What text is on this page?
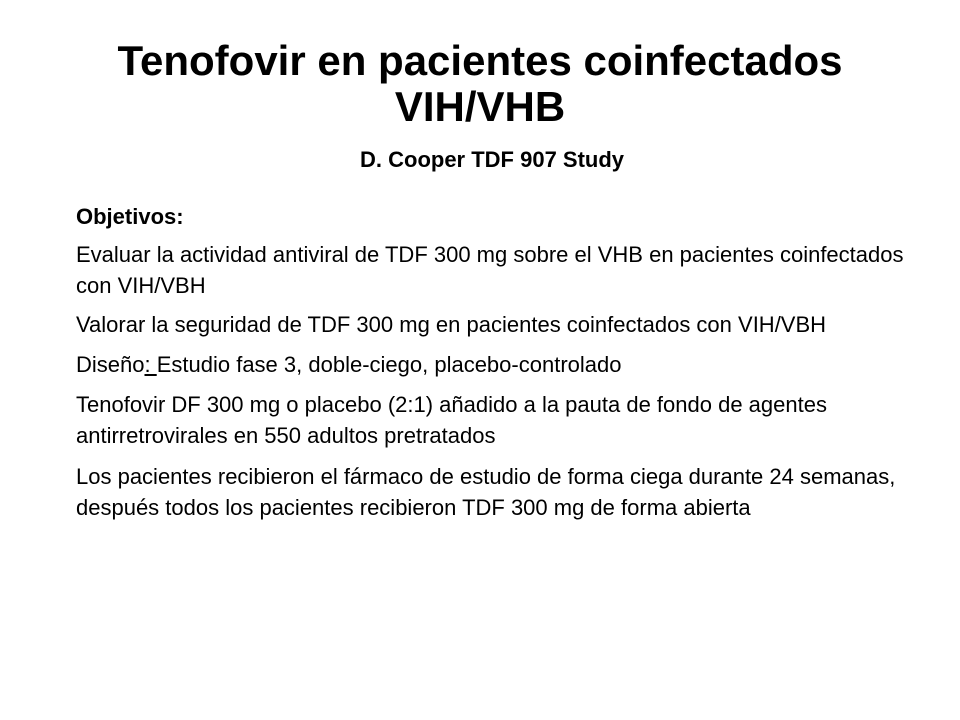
Tenofovir en pacientes coinfectados VIH/VHB
D. Cooper TDF 907 Study

Objetivos:

Evaluar la actividad antiviral de TDF 300 mg sobre el VHB en pacientes coinfectados con VIH/VBH

Valorar la seguridad de TDF 300 mg en pacientes coinfectados con VIH/VBH

Diseño: Estudio fase 3, doble-ciego, placebo-controlado

Tenofovir DF 300 mg o placebo (2:1) añadido a la pauta de fondo de agentes antirretrovirales en 550 adultos pretratados

Los pacientes recibieron el fármaco de estudio de forma ciega durante 24 semanas, después todos los pacientes recibieron TDF 300 mg de forma abierta
